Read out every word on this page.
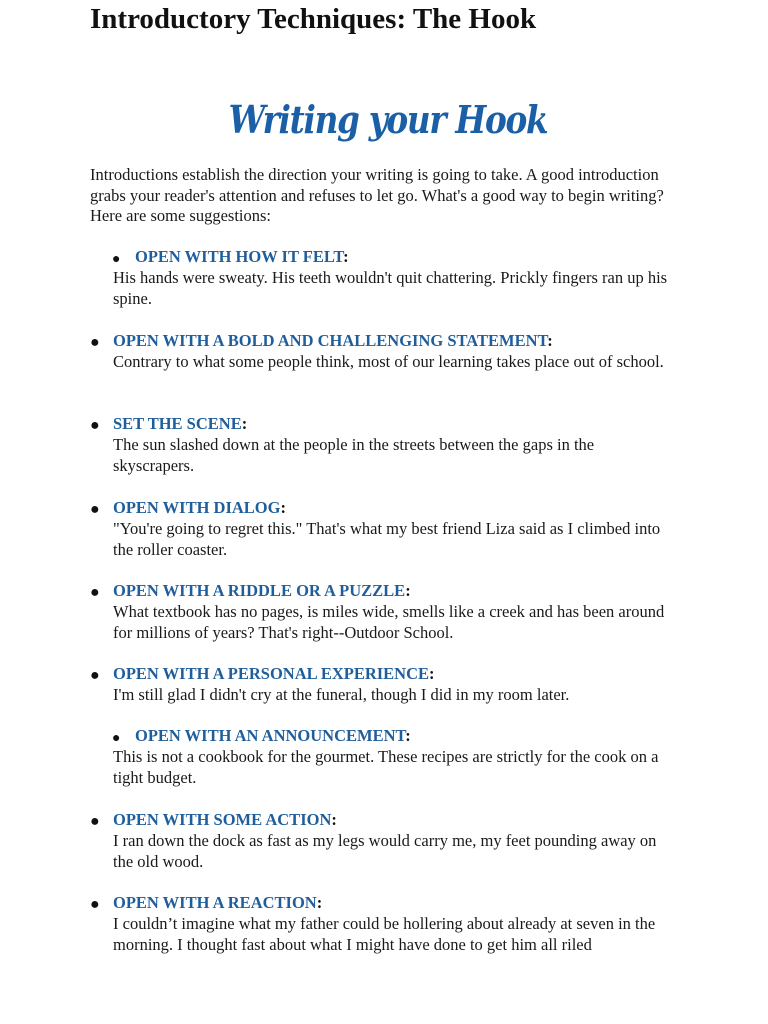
Introductory Techniques: The Hook
Writing your Hook

Introductions establish the direction your writing is going to take. A good introduction grabs your reader's attention and refuses to let go. What's a good way to begin writing? Here are some suggestions:

● OPEN WITH HOW IT FELT:

His hands were sweaty. His teeth wouldn't quit chattering. Prickly fingers ran up his spine.

● OPEN WITH A BOLD AND CHALLENGING STATEMENT:

Contrary to what some people think, most of our learning takes place out of school.

● SET THE SCENE:

The sun slashed down at the people in the streets between the gaps in the skyscrapers.

● OPEN WITH DIALOG:

"You're going to regret this." That's what my best friend Liza said as I climbed into the roller coaster.

● OPEN WITH A RIDDLE OR A PUZZLE:

What textbook has no pages, is miles wide, smells like a creek and has been around for millions of years? That's right--Outdoor School.

● OPEN WITH A PERSONAL EXPERIENCE:

I'm still glad I didn't cry at the funeral, though I did in my room later.

● OPEN WITH AN ANNOUNCEMENT:

This is not a cookbook for the gourmet. These recipes are strictly for the cook on a tight budget.

● OPEN WITH SOME ACTION:

I ran down the dock as fast as my legs would carry me, my feet pounding away on the old wood.

● OPEN WITH A REACTION:

I couldn’t imagine what my father could be hollering about already at seven in the morning. I thought fast about what I might have done to get him all riled
